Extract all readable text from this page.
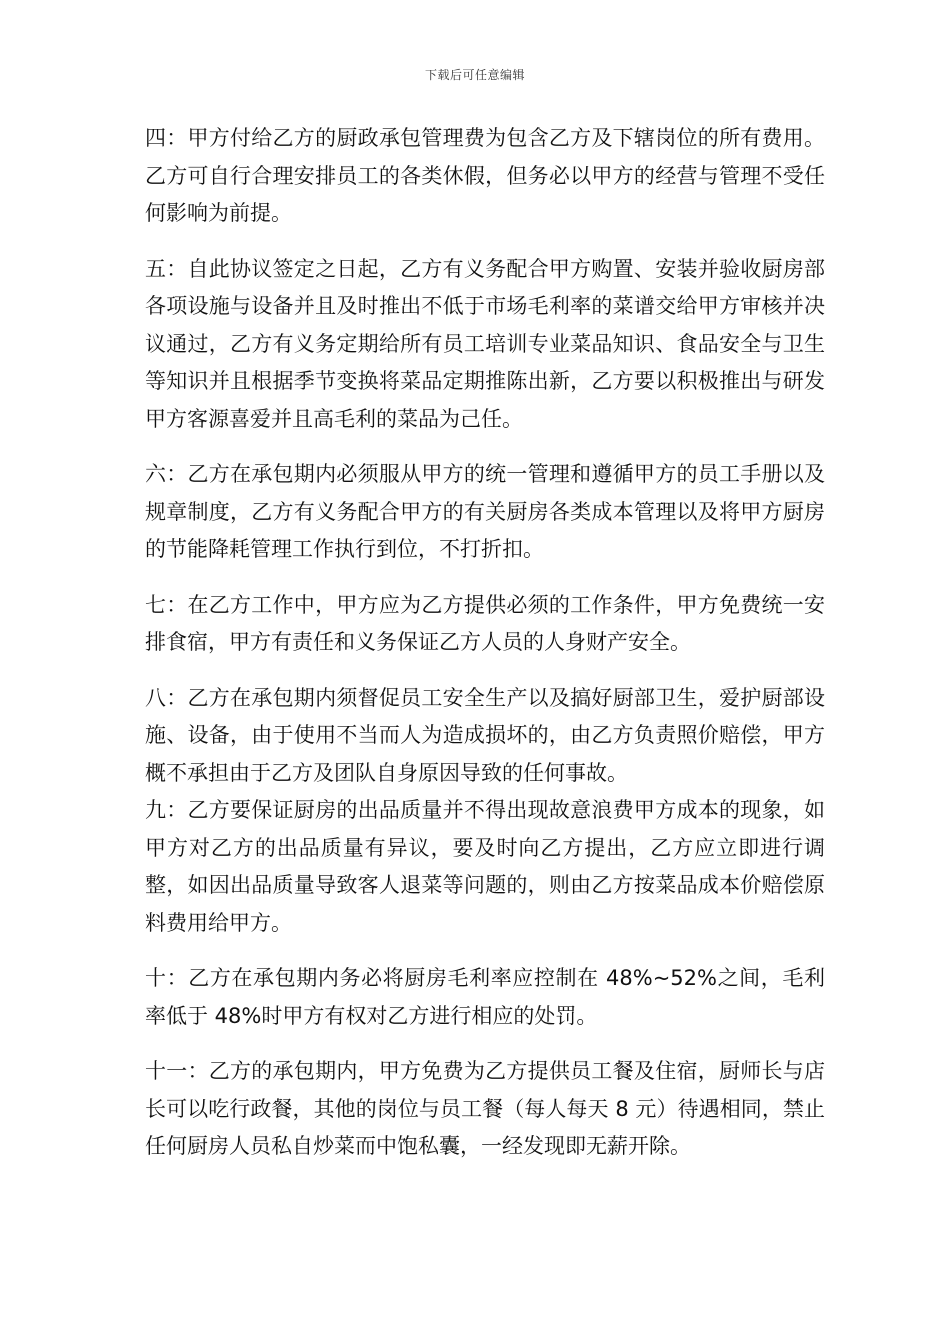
下载后可任意编辑

四：甲方付给乙方的厨政承包管理费为包含乙方及下辖岗位的所有费用。乙方可自行合理安排员工的各类休假，但务必以甲方的经营与管理不受任何影响为前提。

五：自此协议签定之日起，乙方有义务配合甲方购置、安装并验收厨房部各项设施与设备并且及时推出不低于市场毛利率的菜谱交给甲方审核并决议通过，乙方有义务定期给所有员工培训专业菜品知识、食品安全与卫生等知识并且根据季节变换将菜品定期推陈出新，乙方要以积极推出与研发甲方客源喜爱并且高毛利的菜品为己任。

六：乙方在承包期内必须服从甲方的统一管理和遵循甲方的员工手册以及规章制度，乙方有义务配合甲方的有关厨房各类成本管理以及将甲方厨房的节能降耗管理工作执行到位，不打折扣。

七：在乙方工作中，甲方应为乙方提供必须的工作条件，甲方免费统一安排食宿，甲方有责任和义务保证乙方人员的人身财产安全。

八：乙方在承包期内须督促员工安全生产以及搞好厨部卫生，爱护厨部设施、设备，由于使用不当而人为造成损坏的，由乙方负责照价赔偿，甲方概不承担由于乙方及团队自身原因导致的任何事故。

九：乙方要保证厨房的出品质量并不得出现故意浪费甲方成本的现象，如甲方对乙方的出品质量有异议，要及时向乙方提出，乙方应立即进行调整，如因出品质量导致客人退菜等问题的，则由乙方按菜品成本价赔偿原料费用给甲方。

十：乙方在承包期内务必将厨房毛利率应控制在 48%~52%之间，毛利率低于 48%时甲方有权对乙方进行相应的处罚。

十一：乙方的承包期内，甲方免费为乙方提供员工餐及住宿，厨师长与店长可以吃行政餐，其他的岗位与员工餐（每人每天 8 元）待遇相同，禁止任何厨房人员私自炒菜而中饱私囊，一经发现即无薪开除。
